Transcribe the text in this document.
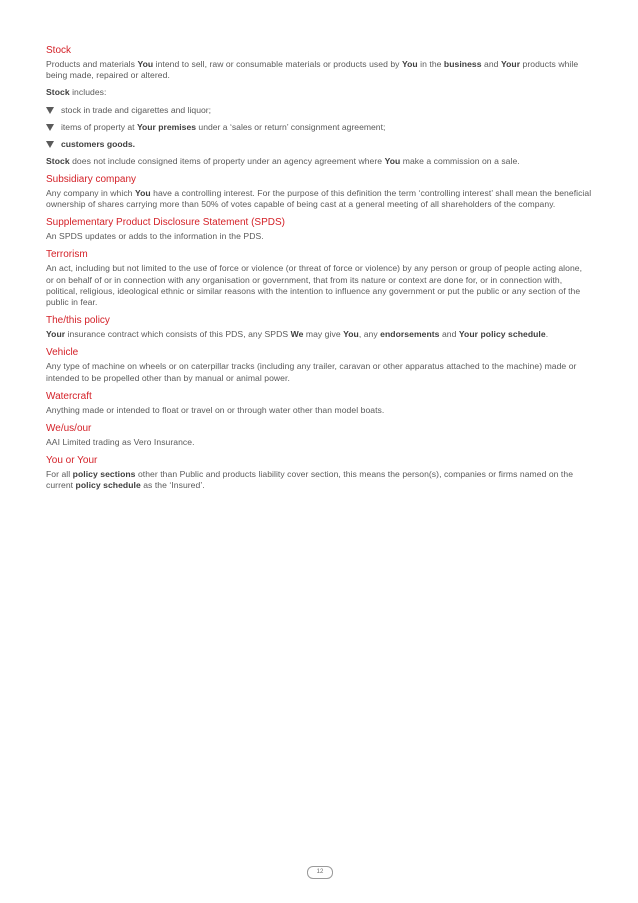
Stock

Products and materials You intend to sell, raw or consumable materials or products used by You in the business and Your products while being made, repaired or altered.

Stock includes:

stock in trade and cigarettes and liquor;
items of property at Your premises under a ‘sales or return’ consignment agreement;
customers goods.

Stock does not include consigned items of property under an agency agreement where You make a commission on a sale.

Subsidiary company

Any company in which You have a controlling interest. For the purpose of this definition the term ‘controlling interest’ shall mean the beneficial ownership of shares carrying more than 50% of votes capable of being cast at a general meeting of all shareholders of the company.

Supplementary Product Disclosure Statement (SPDS)

An SPDS updates or adds to the information in the PDS.

Terrorism

An act, including but not limited to the use of force or violence (or threat of force or violence) by any person or group of people acting alone, or on behalf of or in connection with any organisation or government, that from its nature or context are done for, or in connection with, political, religious, ideological ethnic or similar reasons with the intention to influence any government or put the public or any section of the public in fear.

The/this policy

Your insurance contract which consists of this PDS, any SPDS We may give You, any endorsements and Your policy schedule.

Vehicle

Any type of machine on wheels or on caterpillar tracks (including any trailer, caravan or other apparatus attached to the machine) made or intended to be propelled other than by manual or animal power.

Watercraft

Anything made or intended to float or travel on or through water other than model boats.

We/us/our

AAI Limited trading as Vero Insurance.

You or Your

For all policy sections other than Public and products liability cover section, this means the person(s), companies or firms named on the current policy schedule as the ‘Insured’.

12
